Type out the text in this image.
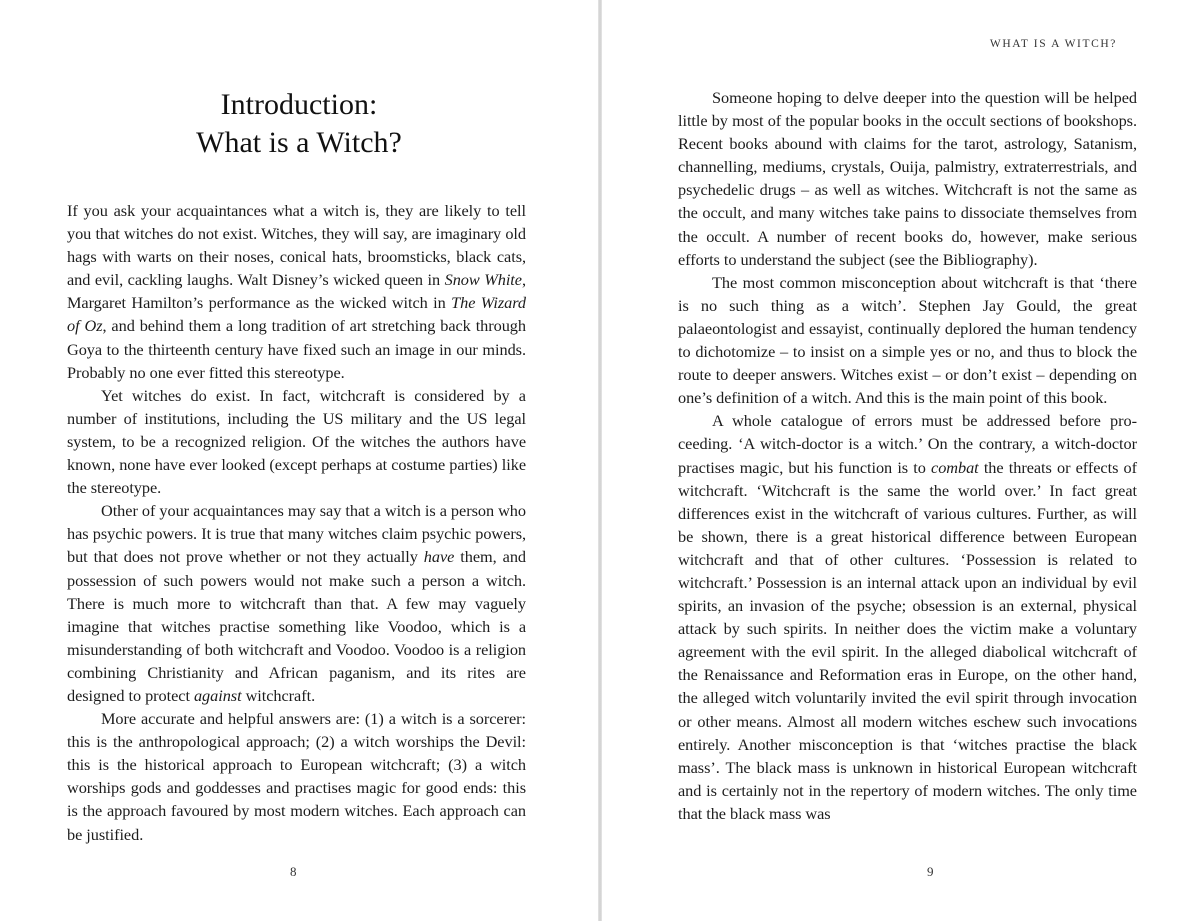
Introduction:
What is a Witch?

If you ask your acquaintances what a witch is, they are likely to tell you that witches do not exist. Witches, they will say, are imaginary old hags with warts on their noses, conical hats, broomsticks, black cats, and evil, cackling laughs. Walt Disney’s wicked queen in Snow White, Margaret Hamilton’s performance as the wicked witch in The Wizard of Oz, and behind them a long tradition of art stretching back through Goya to the thirteenth century have fixed such an image in our minds. Probably no one ever fitted this stereotype.

Yet witches do exist. In fact, witchcraft is considered by a number of institutions, including the US military and the US legal system, to be a recognized religion. Of the witches the authors have known, none have ever looked (except perhaps at costume parties) like the stereotype.

Other of your acquaintances may say that a witch is a person who has psychic powers. It is true that many witches claim psychic powers, but that does not prove whether or not they actually have them, and possession of such powers would not make such a person a witch. There is much more to witchcraft than that. A few may vaguely imagine that witches practise something like Voodoo, which is a misunderstanding of both witchcraft and Voodoo. Voodoo is a religion combining Christianity and African paganism, and its rites are designed to protect against witchcraft.

More accurate and helpful answers are: (1) a witch is a sorcerer: this is the anthropological approach; (2) a witch worships the Devil: this is the historical approach to European witchcraft; (3) a witch worships gods and goddesses and practises magic for good ends: this is the approach favoured by most modern witches. Each approach can be justified.

8
WHAT IS A WITCH?

Someone hoping to delve deeper into the question will be helped little by most of the popular books in the occult sections of bookshops. Recent books abound with claims for the tarot, astrology, Satanism, channelling, mediums, crystals, Ouija, palmistry, extraterrestrials, and psychedelic drugs – as well as witches. Witchcraft is not the same as the occult, and many witches take pains to dissociate themselves from the occult. A number of recent books do, however, make serious efforts to understand the subject (see the Bibliography).

The most common misconception about witchcraft is that ‘there is no such thing as a witch’. Stephen Jay Gould, the great palaeontologist and essayist, continually deplored the human tendency to dichotomize – to insist on a simple yes or no, and thus to block the route to deeper answers. Witches exist – or don’t exist – depending on one’s definition of a witch. And this is the main point of this book.

A whole catalogue of errors must be addressed before proceeding. ‘A witch-doctor is a witch.’ On the contrary, a witch-doctor practises magic, but his function is to combat the threats or effects of witchcraft. ‘Witchcraft is the same the world over.’ In fact great differences exist in the witchcraft of various cultures. Further, as will be shown, there is a great historical difference between European witchcraft and that of other cultures. ‘Possession is related to witchcraft.’ Possession is an internal attack upon an individual by evil spirits, an invasion of the psyche; obsession is an external, physical attack by such spirits. In neither does the victim make a voluntary agreement with the evil spirit. In the alleged diabolical witchcraft of the Renaissance and Reformation eras in Europe, on the other hand, the alleged witch voluntarily invited the evil spirit through invocation or other means. Almost all modern witches eschew such invocations entirely. Another misconception is that ‘witches practise the black mass’. The black mass is unknown in historical European witchcraft and is certainly not in the repertory of modern witches. The only time that the black mass was

9
